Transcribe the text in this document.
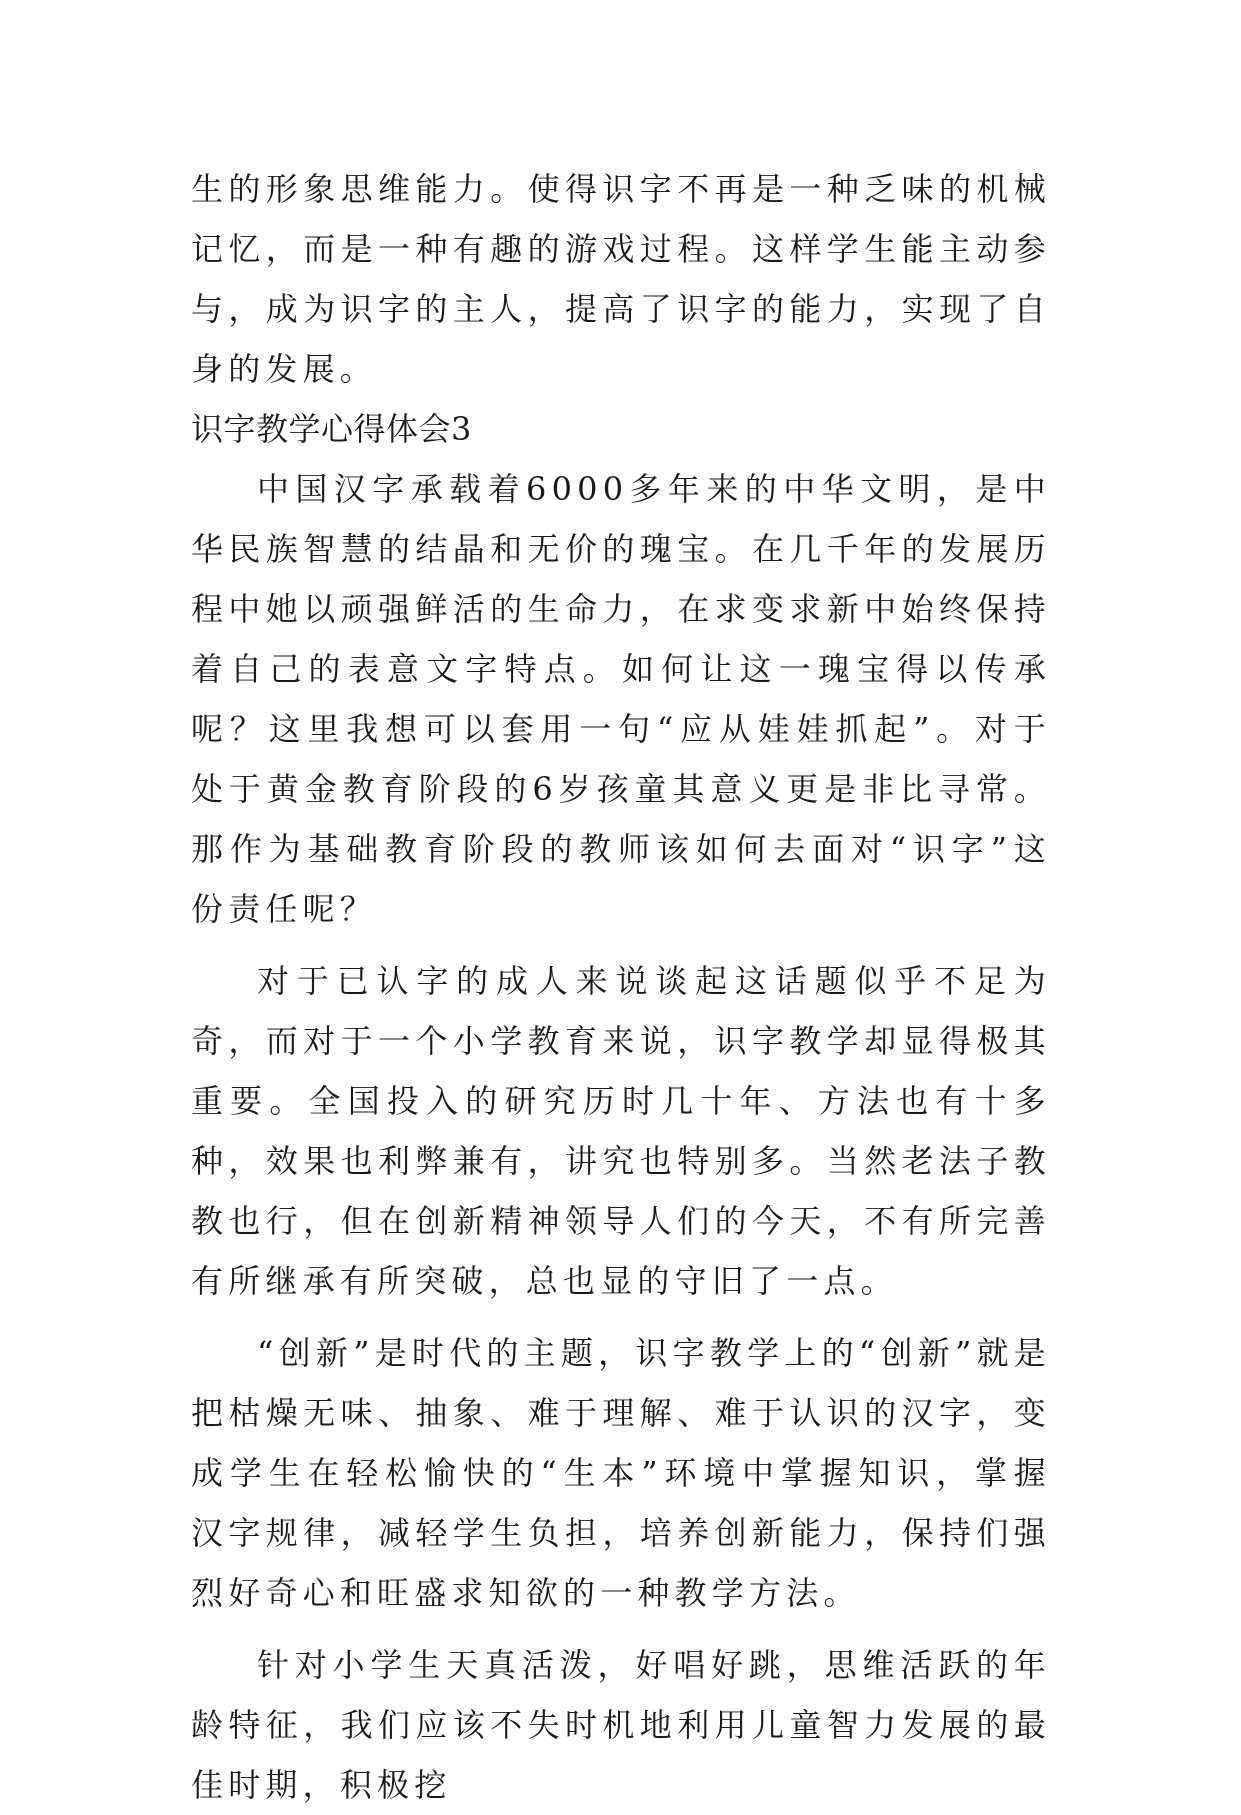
生的形象思维能力。使得识字不再是一种乏味的机械记忆，而是一种有趣的游戏过程。这样学生能主动参与，成为识字的主人，提高了识字的能力，实现了自身的发展。

识字教学心得体会3

中国汉字承载着6000多年来的中华文明，是中华民族智慧的结晶和无价的瑰宝。在几千年的发展历程中她以顽强鲜活的生命力，在求变求新中始终保持着自己的表意文字特点。如何让这一瑰宝得以传承呢？这里我想可以套用一句“应从娃娃抓起”。对于处于黄金教育阶段的6岁孩童其意义更是非比寻常。那作为基础教育阶段的教师该如何去面对“识字”这份责任呢？

对于已认字的成人来说谈起这话题似乎不足为奇，而对于一个小学教育来说，识字教学却显得极其重要。全国投入的研究历时几十年、方法也有十多种，效果也利弊兼有，讲究也特别多。当然老法子教教也行，但在创新精神领导人们的今天，不有所完善有所继承有所突破，总也显的守旧了一点。

“创新”是时代的主题，识字教学上的“创新”就是把枯燥无味、抽象、难于理解、难于认识的汉字，变成学生在轻松愉快的“生本”环境中掌握知识，掌握汉字规律，减轻学生负担，培养创新能力，保持们强烈好奇心和旺盛求知欲的一种教学方法。

针对小学生天真活泼，好唱好跳，思维活跃的年龄特征，我们应该不失时机地利用儿童智力发展的最佳时期，积极挖
